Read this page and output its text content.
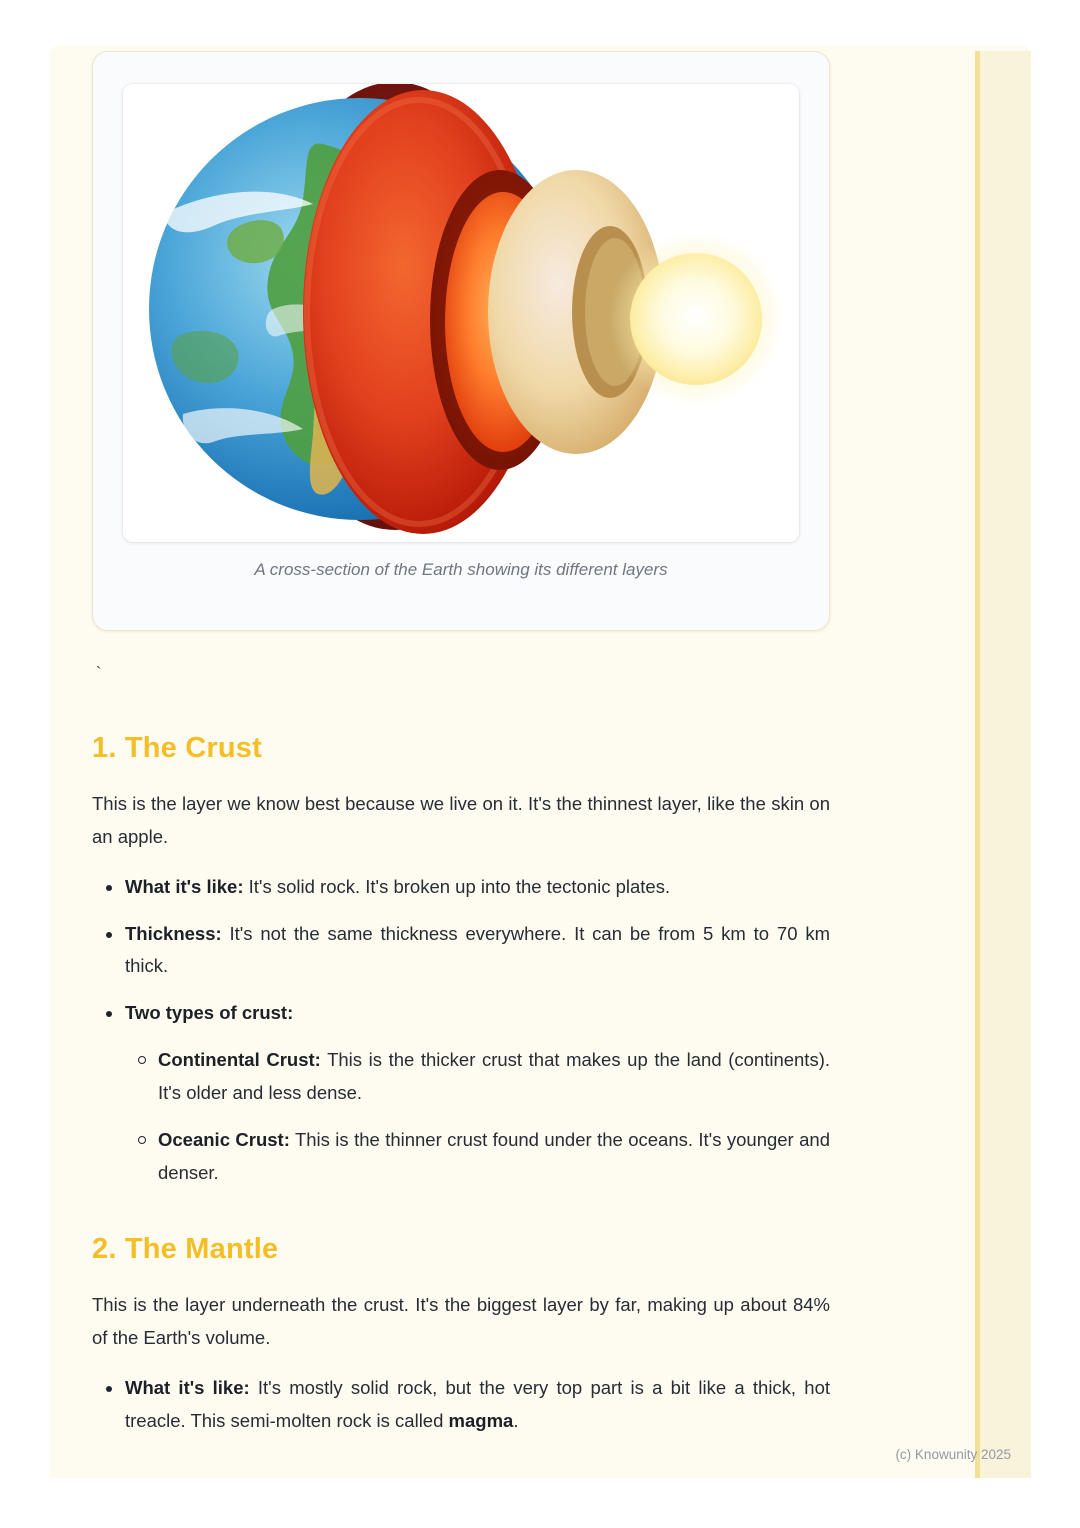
A cross-section of the Earth showing its different layers
`
1. The Crust

This is the layer we know best because we live on it. It's the thinnest layer, like the skin on an apple.

What it's like: It's solid rock. It's broken up into the tectonic plates.
Thickness: It's not the same thickness everywhere. It can be from 5 km to 70 km thick.
Two types of crust:
Continental Crust: This is the thicker crust that makes up the land (continents). It's older and less dense.
Oceanic Crust: This is the thinner crust found under the oceans. It's younger and denser.
2. The Mantle

This is the layer underneath the crust. It's the biggest layer by far, making up about 84% of the Earth's volume.

What it's like: It's mostly solid rock, but the very top part is a bit like a thick, hot treacle. This semi-molten rock is called magma.
(c) Knowunity 2025
